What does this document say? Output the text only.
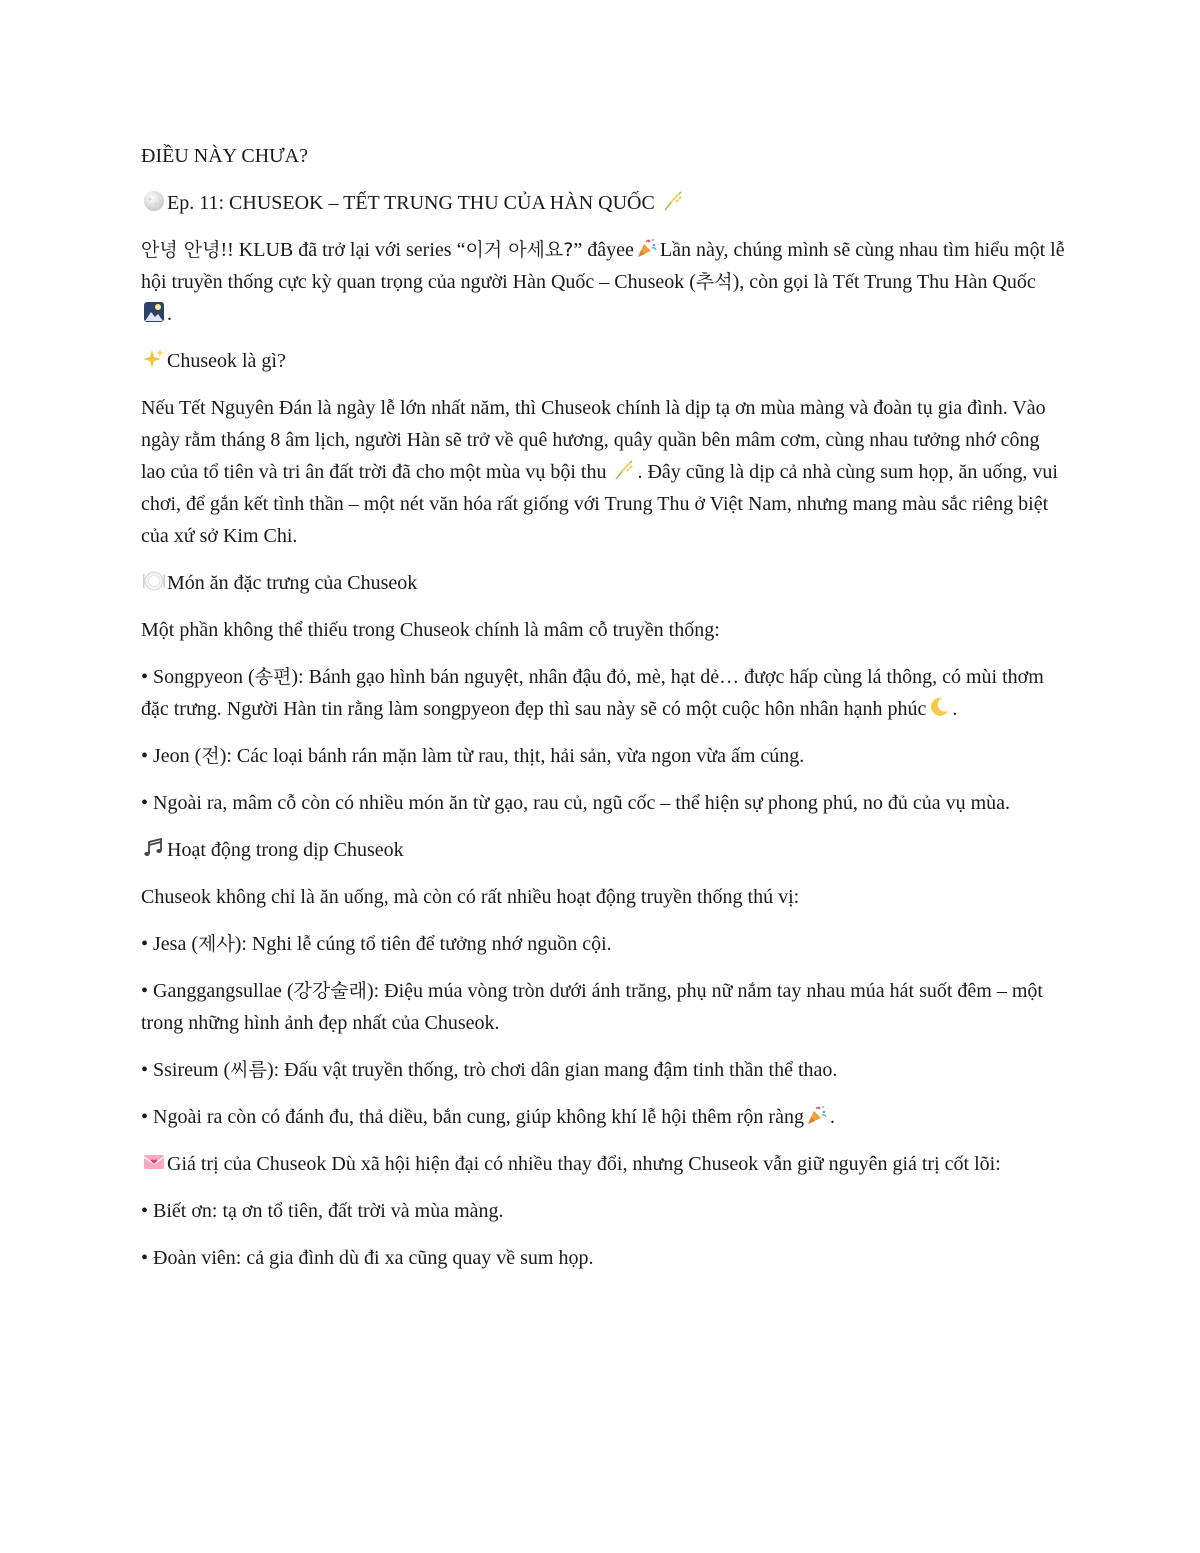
ĐIỀU NÀY CHƯA?

Ep. 11: CHUSEOK – TẾT TRUNG THU CỦA HÀN QUỐC

안녕 안녕!! KLUB đã trở lại với series “이거 아세요?” đâyee Lần này, chúng mình sẽ cùng nhau tìm hiểu một lễ hội truyền thống cực kỳ quan trọng của người Hàn Quốc – Chuseok (추석), còn gọi là Tết Trung Thu Hàn Quốc
.

Chuseok là gì?

Nếu Tết Nguyên Đán là ngày lễ lớn nhất năm, thì Chuseok chính là dịp tạ ơn mùa màng và đoàn tụ gia đình. Vào ngày rằm tháng 8 âm lịch, người Hàn sẽ trở về quê hương, quây quần bên mâm cơm, cùng nhau tưởng nhớ công lao của tổ tiên và tri ân đất trời đã cho một mùa vụ bội thu . Đây cũng là dịp cả nhà cùng sum họp, ăn uống, vui chơi, để gắn kết tình thần – một nét văn hóa rất giống với Trung Thu ở Việt Nam, nhưng mang màu sắc riêng biệt của xứ sở Kim Chi.

Món ăn đặc trưng của Chuseok

Một phần không thể thiếu trong Chuseok chính là mâm cỗ truyền thống:

• Songpyeon (송편): Bánh gạo hình bán nguyệt, nhân đậu đỏ, mè, hạt dẻ… được hấp cùng lá thông, có mùi thơm đặc trưng. Người Hàn tin rằng làm songpyeon đẹp thì sau này sẽ có một cuộc hôn nhân hạnh phúc .

• Jeon (전): Các loại bánh rán mặn làm từ rau, thịt, hải sản, vừa ngon vừa ấm cúng.

• Ngoài ra, mâm cỗ còn có nhiều món ăn từ gạo, rau củ, ngũ cốc – thể hiện sự phong phú, no đủ của vụ mùa.

Hoạt động trong dịp Chuseok

Chuseok không chỉ là ăn uống, mà còn có rất nhiều hoạt động truyền thống thú vị:

• Jesa (제사): Nghi lễ cúng tổ tiên để tưởng nhớ nguồn cội.

• Ganggangsullae (강강술래): Điệu múa vòng tròn dưới ánh trăng, phụ nữ nắm tay nhau múa hát suốt đêm – một trong những hình ảnh đẹp nhất của Chuseok.

• Ssireum (씨름): Đấu vật truyền thống, trò chơi dân gian mang đậm tinh thần thể thao.

• Ngoài ra còn có đánh đu, thả diều, bắn cung, giúp không khí lễ hội thêm rộn ràng .

Giá trị của Chuseok Dù xã hội hiện đại có nhiều thay đổi, nhưng Chuseok vẫn giữ nguyên giá trị cốt lõi:

• Biết ơn: tạ ơn tổ tiên, đất trời và mùa màng.

• Đoàn viên: cả gia đình dù đi xa cũng quay về sum họp.
